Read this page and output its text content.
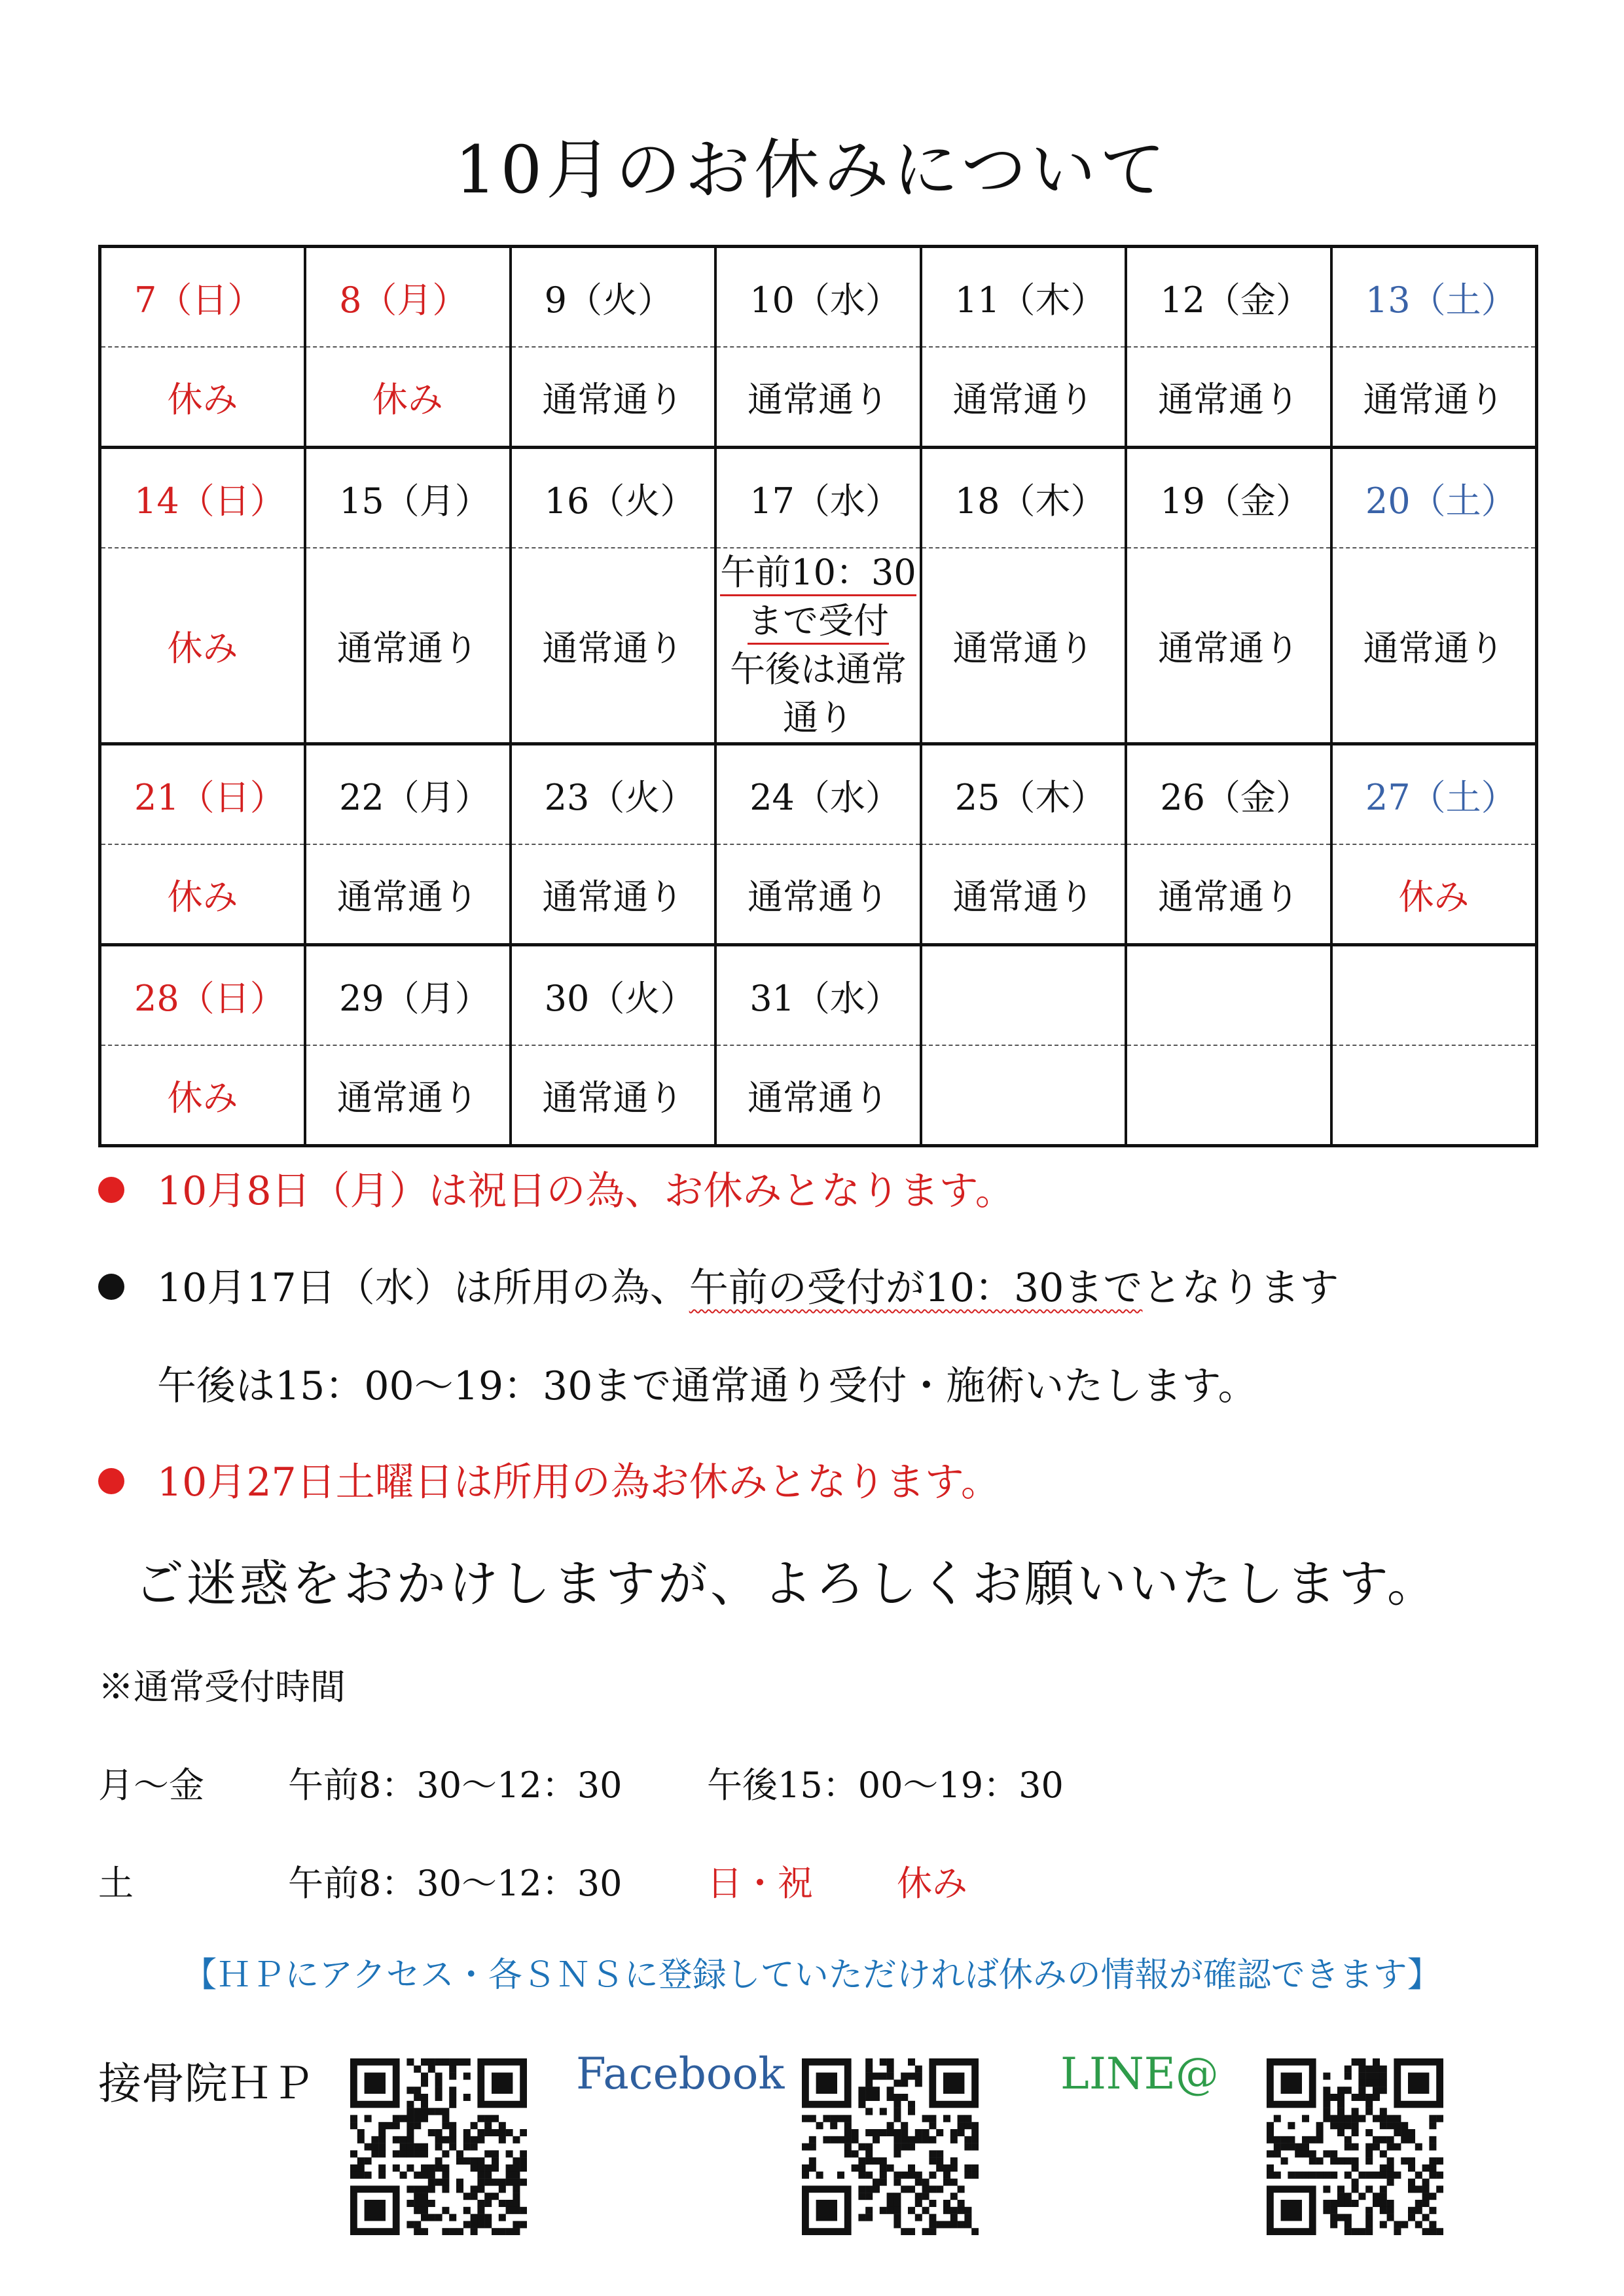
10月のお休みについて
7（日）	8（月）	9（火）	10（水）	11（木）	12（金）	13（土）
休み	休み	通常通り	通常通り	通常通り	通常通り	通常通り
14（日）	15（月）	16（火）	17（水）	18（木）	19（金）	20（土）
休み	通常通り	通常通り	午前10：30
まで受付
午後は通常通り	通常通り	通常通り	通常通り
21（日）	22（月）	23（火）	24（水）	25（木）	26（金）	27（土）
休み	通常通り	通常通り	通常通り	通常通り	通常通り	休み
28（日）	29（月）	30（火）	31（水）			
休み	通常通り	通常通り	通常通り			
10月8日（月）は祝日の為、お休みとなります。
10月17日（水）は所用の為、午前の受付が10：30までとなります
午後は15：00～19：30まで通常通り受付・施術いたします。
10月27日土曜日は所用の為お休みとなります。
ご迷惑をおかけしますが、よろしくお願いいたします。
※通常受付時間
月～金 午前8：30～12：30 午後15：00～19：30
土	午前8：30～12：30 日・祝 休み
【ＨＰにアクセス・各ＳＮＳに登録していただければ休みの情報が確認できます】
接骨院ＨＰ	Facebook	LINE@
